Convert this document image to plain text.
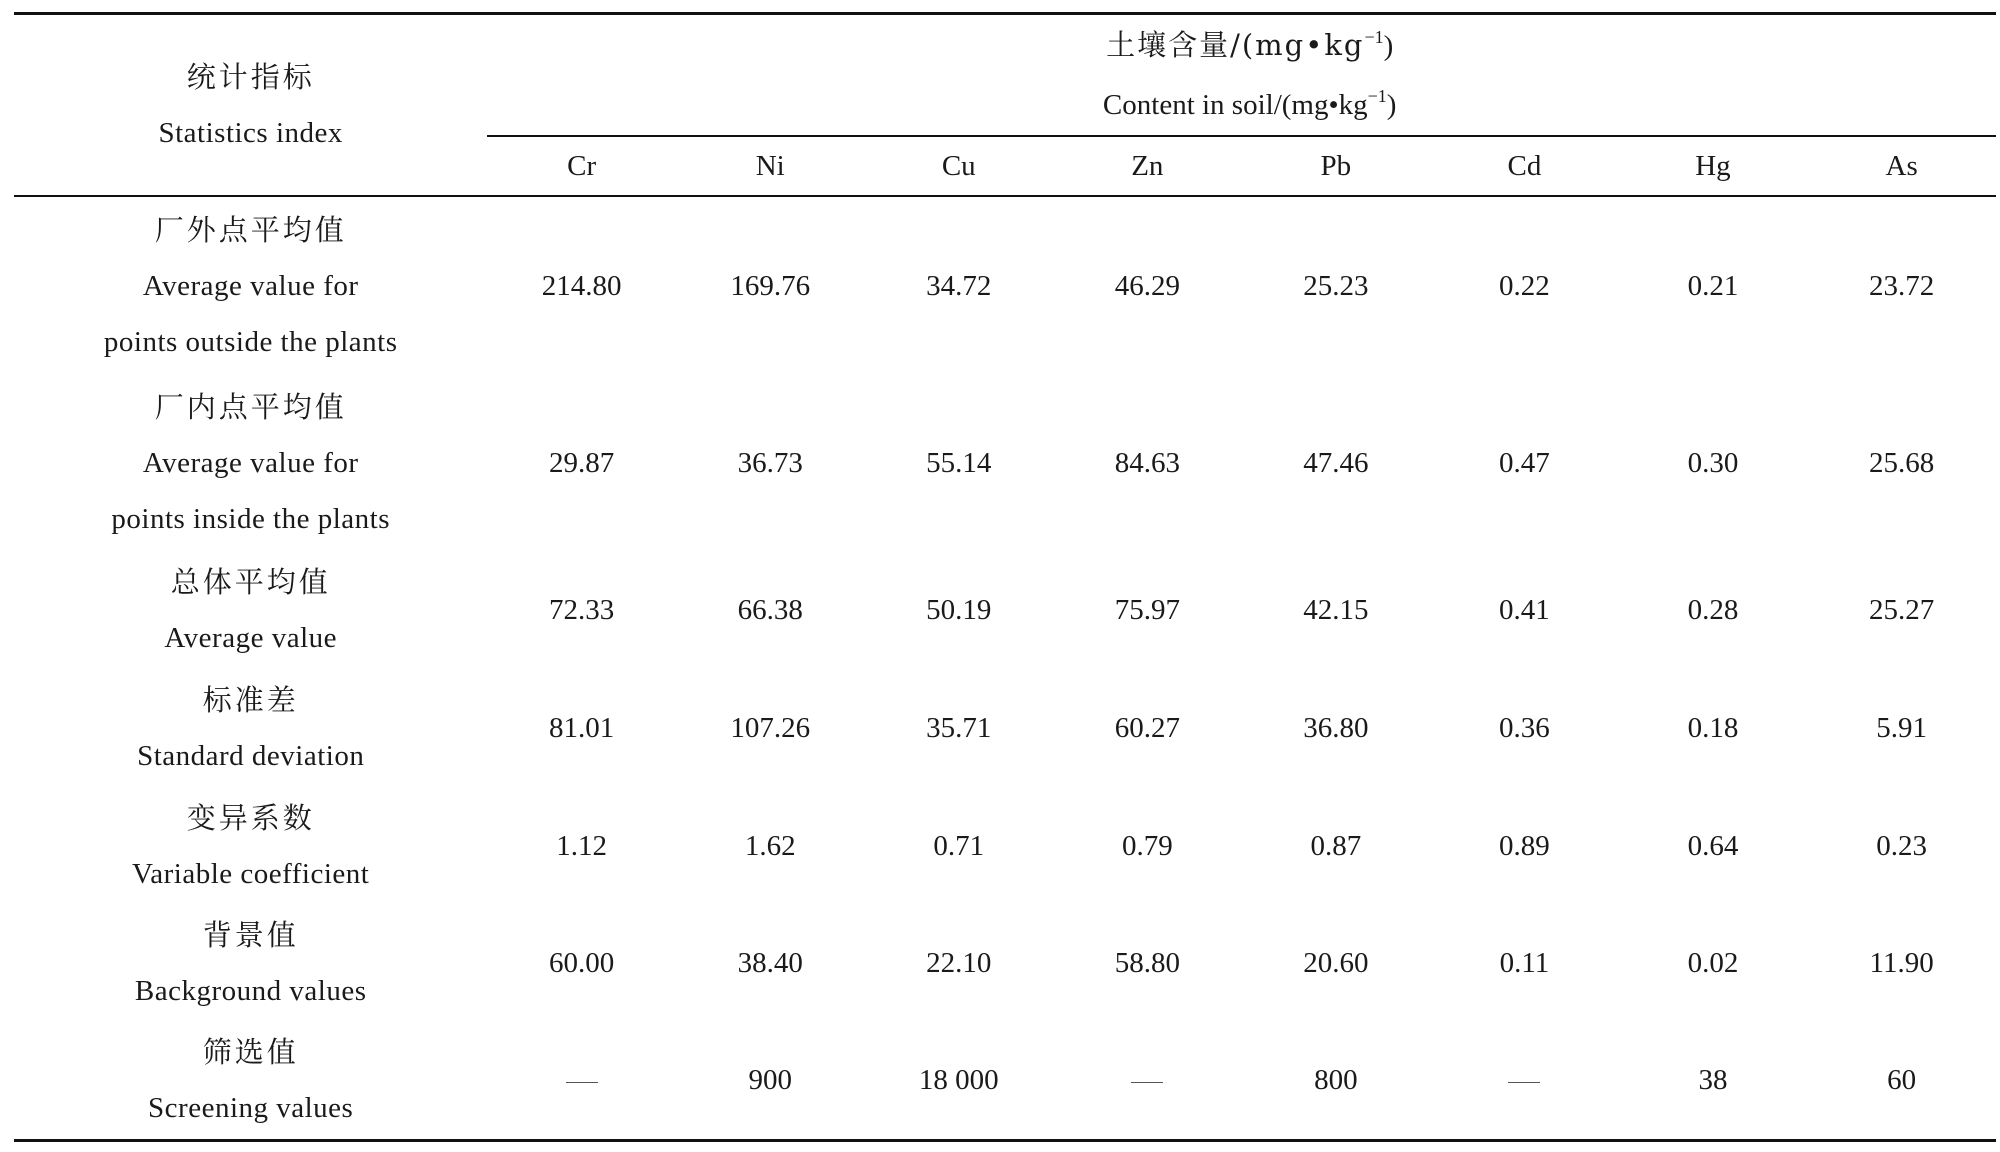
统计指标
Statistics index	土壤含量$/(mg•kg^{-1})$							

	Content in soil/$(mg•kg^{-1})$							

	Cr	Ni	Cu	Zn	Pb	Cd	Hg	As

厂外点平均值
Average value for
points outside the plants	214.80	169.76	34.72	46.29	25.23	0.22	0.21	23.72

厂内点平均值
Average value for
points inside the plants	29.87	36.73	55.14	84.63	47.46	0.47	0.30	25.68

总体平均值
Average value	72.33	66.38	50.19	75.97	42.15	0.41	0.28	25.27

标准差
Standard deviation	81.01	107.26	35.71	60.27	36.80	0.36	0.18	5.91

变异系数
Variable coefficient	1.12	1.62	0.71	0.79	0.87	0.89	0.64	0.23

背景值
Background values	60.00	38.40	22.10	58.80	20.60	0.11	0.02	11.90

筛选值
Screening values		900	18 000		800		38	60
